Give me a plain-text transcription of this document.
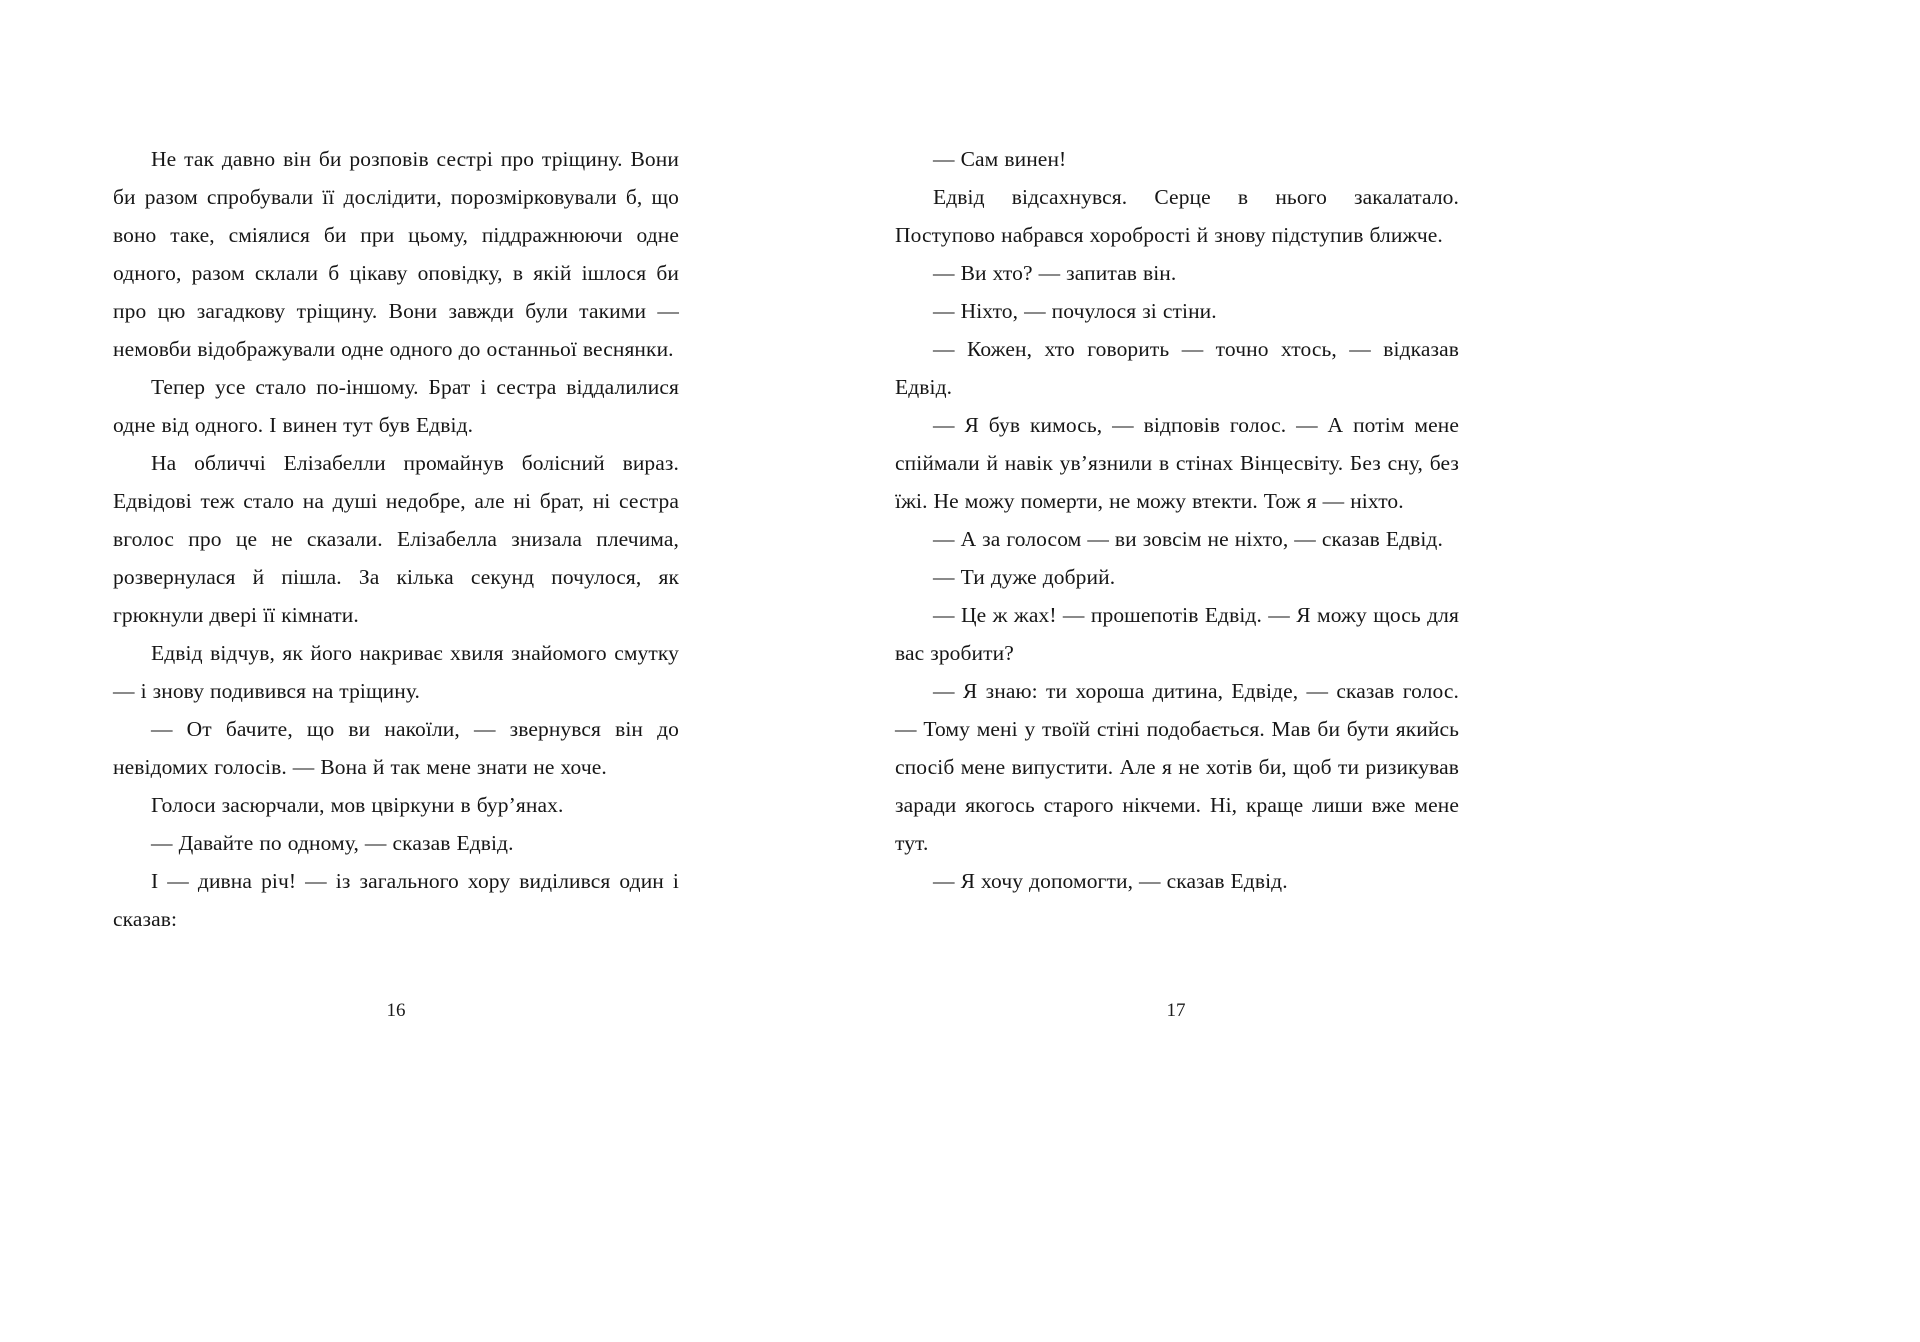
Не так давно він би розповів сестрі про тріщину. Вони би разом спробували її дослідити, порозмірковували б, що воно таке, сміялися би при цьому, піддражнюючи одне одного, разом склали б цікаву оповідку, в якій ішлося би про цю загадкову тріщину. Вони завжди були такими — немовби відображували одне одного до останньої веснянки.

Тепер усе стало по-іншому. Брат і сестра віддалилися одне від одного. І винен тут був Едвід.

На обличчі Елізабелли промайнув болісний вираз. Едвідові теж стало на душі недобре, але ні брат, ні сестра вголос про це не сказали. Елізабелла знизала плечима, розвернулася й пішла. За кілька секунд почулося, як грюкнули двері її кімнати.

Едвід відчув, як його накриває хвиля знайомого смутку — і знову подивився на тріщину.

— От бачите, що ви накоїли, — звернувся він до невідомих голосів. — Вона й так мене знати не хоче.

Голоси засюрчали, мов цвіркуни в бур’янах.

— Давайте по одному, — сказав Едвід.

І — дивна річ! — із загального хору виділився один і сказав:

16

— Сам винен!

Едвід відсахнувся. Серце в нього закалатало. Поступово набрався хоробрості й знову підступив ближче.

— Ви хто? — запитав він.

— Ніхто, — почулося зі стіни.

— Кожен, хто говорить — точно хтось, — відказав Едвід.

— Я був кимось, — відповів голос. — А потім мене спіймали й навік ув’язнили в стінах Вінцесвіту. Без сну, без їжі. Не можу померти, не можу втекти. Тож я — ніхто.

— А за голосом — ви зовсім не ніхто, — сказав Едвід.

— Ти дуже добрий.

— Це ж жах! — прошепотів Едвід. — Я можу щось для вас зробити?

— Я знаю: ти хороша дитина, Едвіде, — сказав голос. — Тому мені у твоїй стіні подобається. Мав би бути якийсь спосіб мене випустити. Але я не хотів би, щоб ти ризикував заради якогось старого нікчеми. Ні, краще лиши вже мене тут.

— Я хочу допомогти, — сказав Едвід.

17
